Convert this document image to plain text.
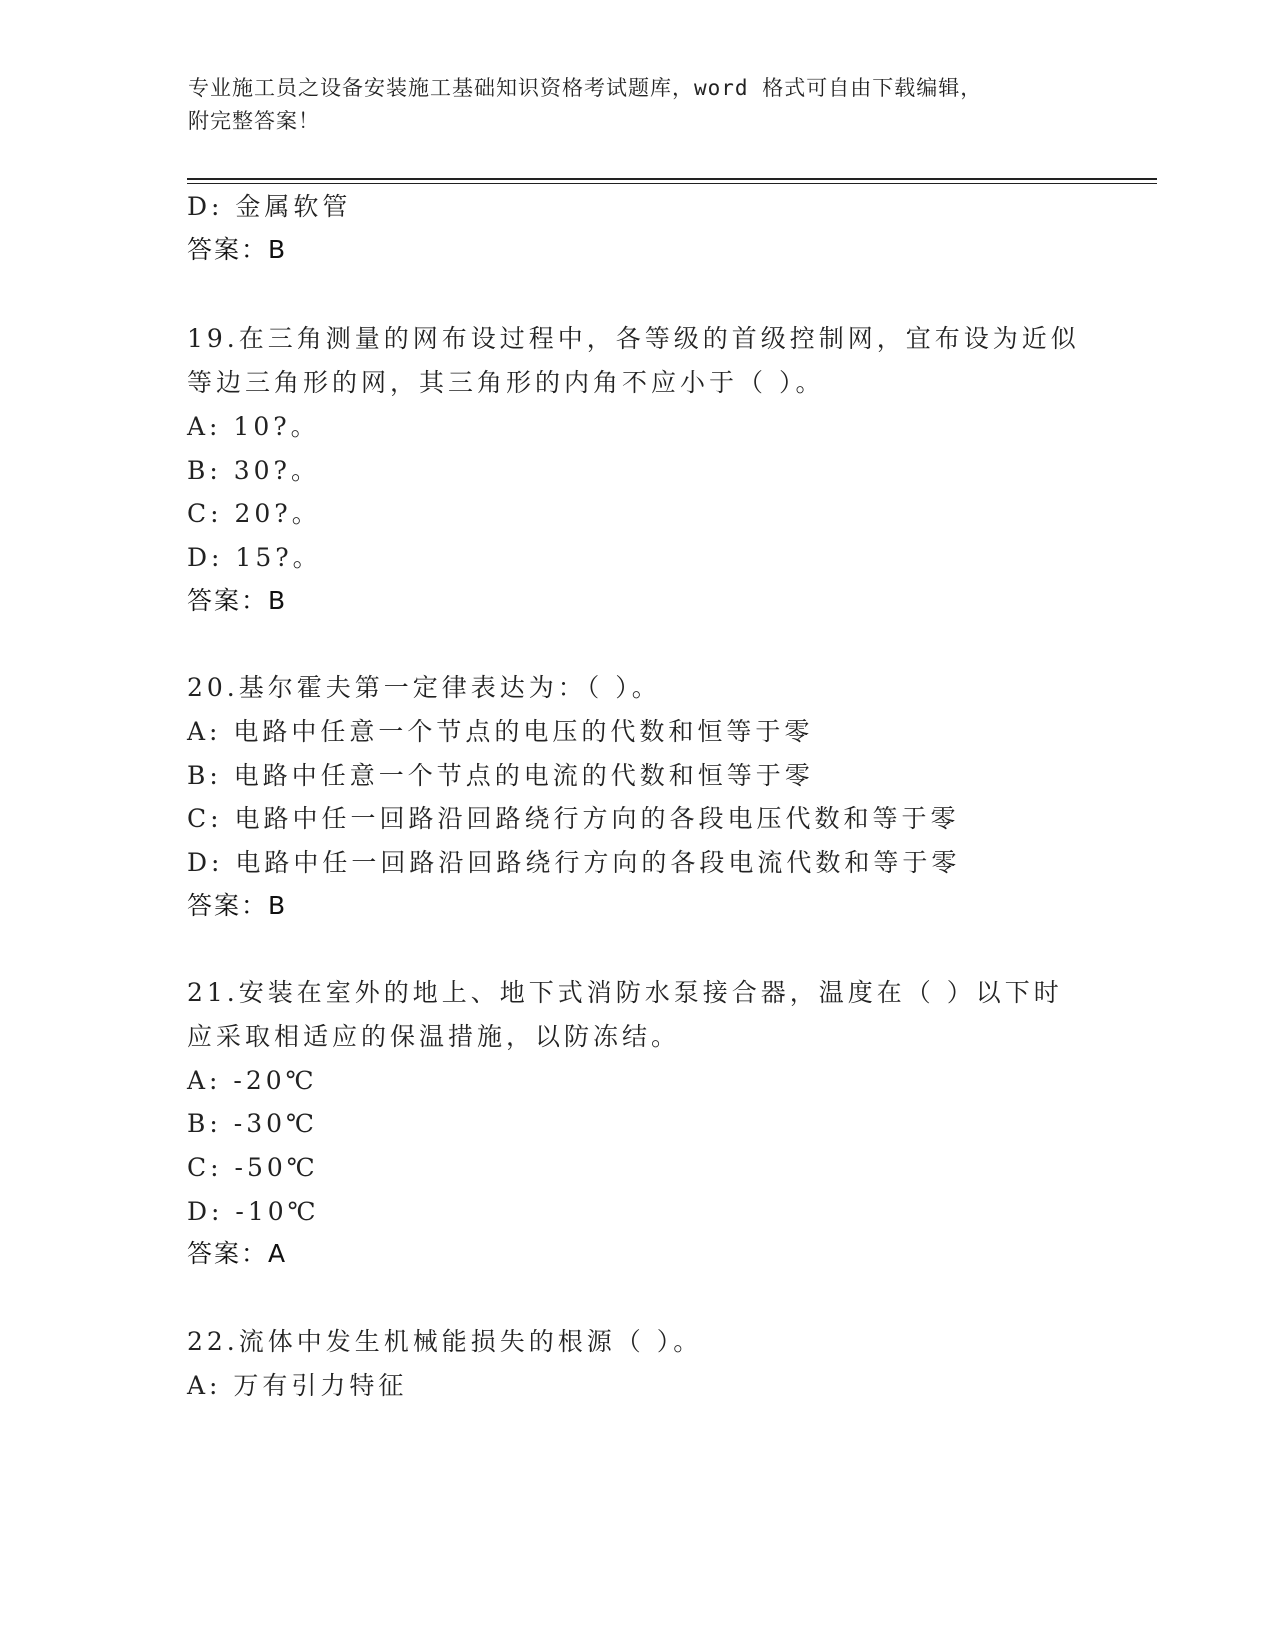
专业施工员之设备安装施工基础知识资格考试题库，word 格式可自由下载编辑，
附完整答案！
D: 金属软管
答案：B
19.在三角测量的网布设过程中，各等级的首级控制网，宜布设为近似
等边三角形的网，其三角形的内角不应小于（ ）。
A: 10?。
B: 30?。
C: 20?。
D: 15?。
答案：B
20.基尔霍夫第一定律表达为：（ ）。
A: 电路中任意一个节点的电压的代数和恒等于零
B: 电路中任意一个节点的电流的代数和恒等于零
C: 电路中任一回路沿回路绕行方向的各段电压代数和等于零
D: 电路中任一回路沿回路绕行方向的各段电流代数和等于零
答案：B
21.安装在室外的地上、地下式消防水泵接合器，温度在（ ）以下时
应采取相适应的保温措施，以防冻结。
A: -20℃
B: -30℃
C: -50℃
D: -10℃
答案：A
22.流体中发生机械能损失的根源（ ）。
A: 万有引力特征
